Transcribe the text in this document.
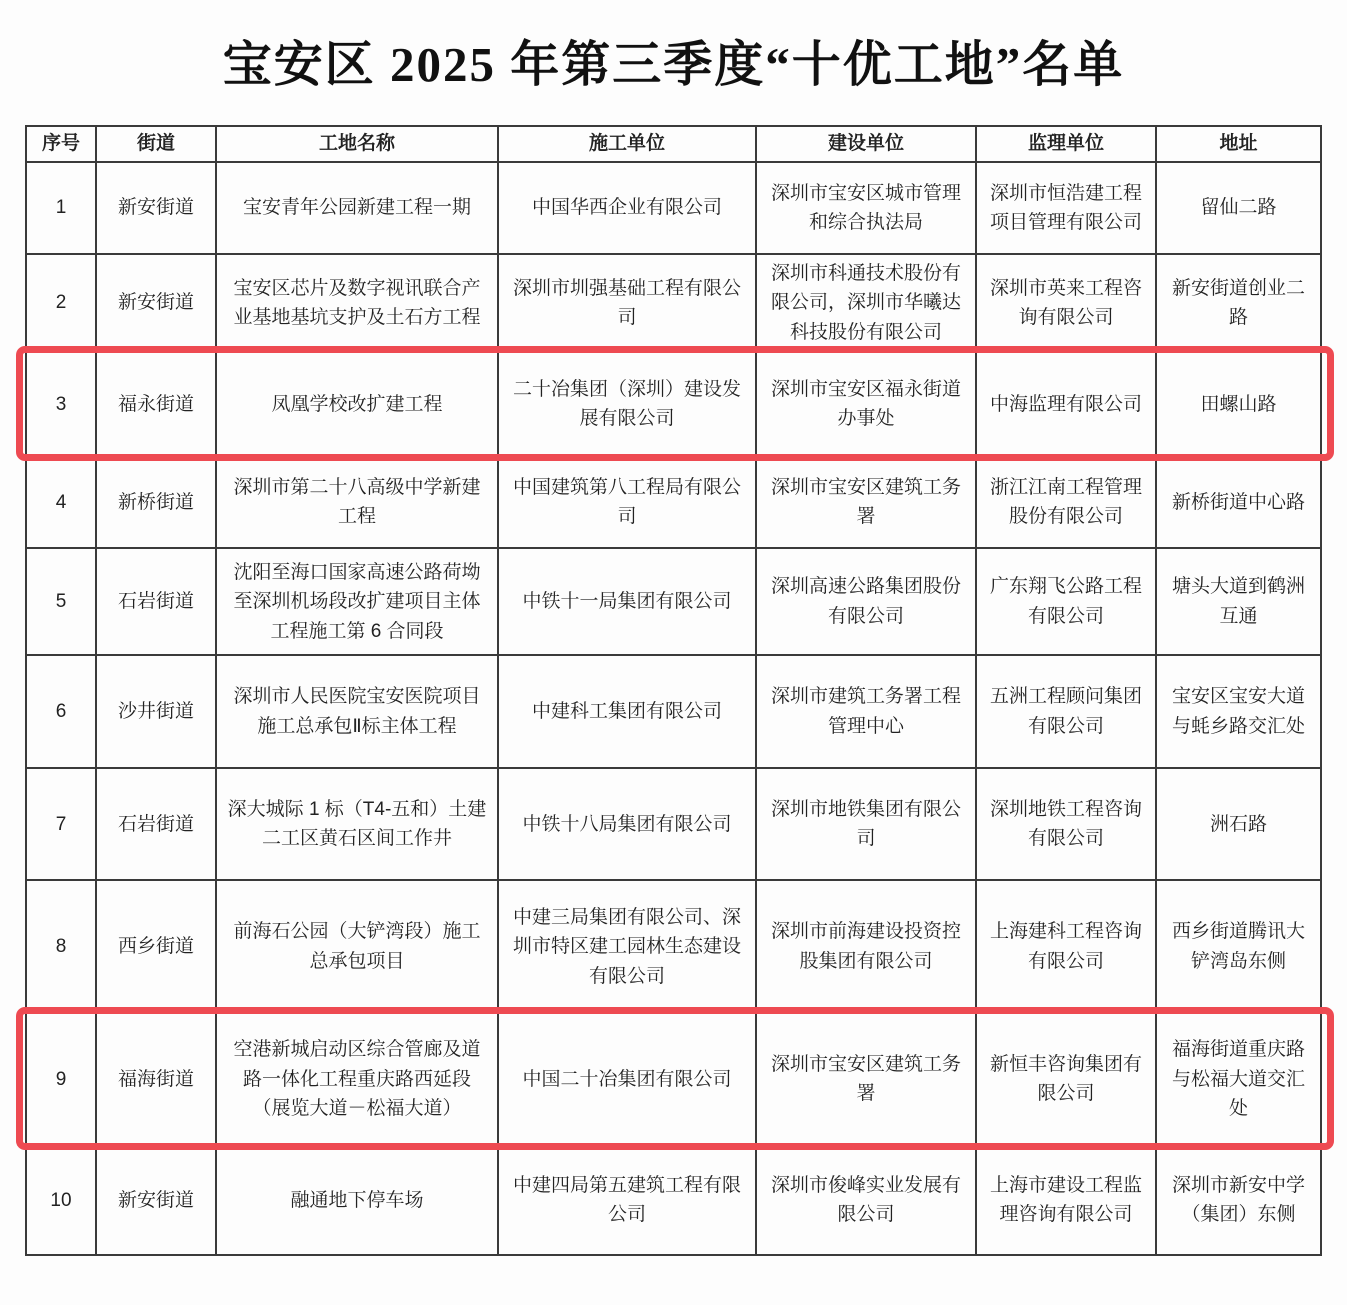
宝安区 2025 年第三季度“十优工地”名单
序号	街道	工地名称	施工单位	建设单位	监理单位	地址
1	新安街道	宝安青年公园新建工程一期	中国华西企业有限公司	深圳市宝安区城市管理和综合执法局	深圳市恒浩建工程项目管理有限公司	留仙二路
2	新安街道	宝安区芯片及数字视讯联合产业基地基坑支护及土石方工程	深圳市圳强基础工程有限公司	深圳市科通技术股份有限公司，深圳市华曦达科技股份有限公司	深圳市英来工程咨询有限公司	新安街道创业二路
3	福永街道	凤凰学校改扩建工程	二十冶集团（深圳）建设发展有限公司	深圳市宝安区福永街道办事处	中海监理有限公司	田螺山路
4	新桥街道	深圳市第二十八高级中学新建工程	中国建筑第八工程局有限公司	深圳市宝安区建筑工务署	浙江江南工程管理股份有限公司	新桥街道中心路
5	石岩街道	沈阳至海口国家高速公路荷坳至深圳机场段改扩建项目主体工程施工第 6 合同段	中铁十一局集团有限公司	深圳高速公路集团股份有限公司	广东翔飞公路工程有限公司	塘头大道到鹤洲互通
6	沙井街道	深圳市人民医院宝安医院项目施工总承包Ⅱ标主体工程	中建科工集团有限公司	深圳市建筑工务署工程管理中心	五洲工程顾问集团有限公司	宝安区宝安大道与蚝乡路交汇处
7	石岩街道	深大城际 1 标（T4-五和）土建二工区黄石区间工作井	中铁十八局集团有限公司	深圳市地铁集团有限公司	深圳地铁工程咨询有限公司	洲石路
8	西乡街道	前海石公园（大铲湾段）施工总承包项目	中建三局集团有限公司、深圳市特区建工园林生态建设有限公司	深圳市前海建设投资控股集团有限公司	上海建科工程咨询有限公司	西乡街道腾讯大铲湾岛东侧
9	福海街道	空港新城启动区综合管廊及道路一体化工程重庆路西延段（展览大道－松福大道）	中国二十冶集团有限公司	深圳市宝安区建筑工务署	新恒丰咨询集团有限公司	福海街道重庆路与松福大道交汇处
10	新安街道	融通地下停车场	中建四局第五建筑工程有限公司	深圳市俊峰实业发展有限公司	上海市建设工程监理咨询有限公司	深圳市新安中学（集团）东侧
